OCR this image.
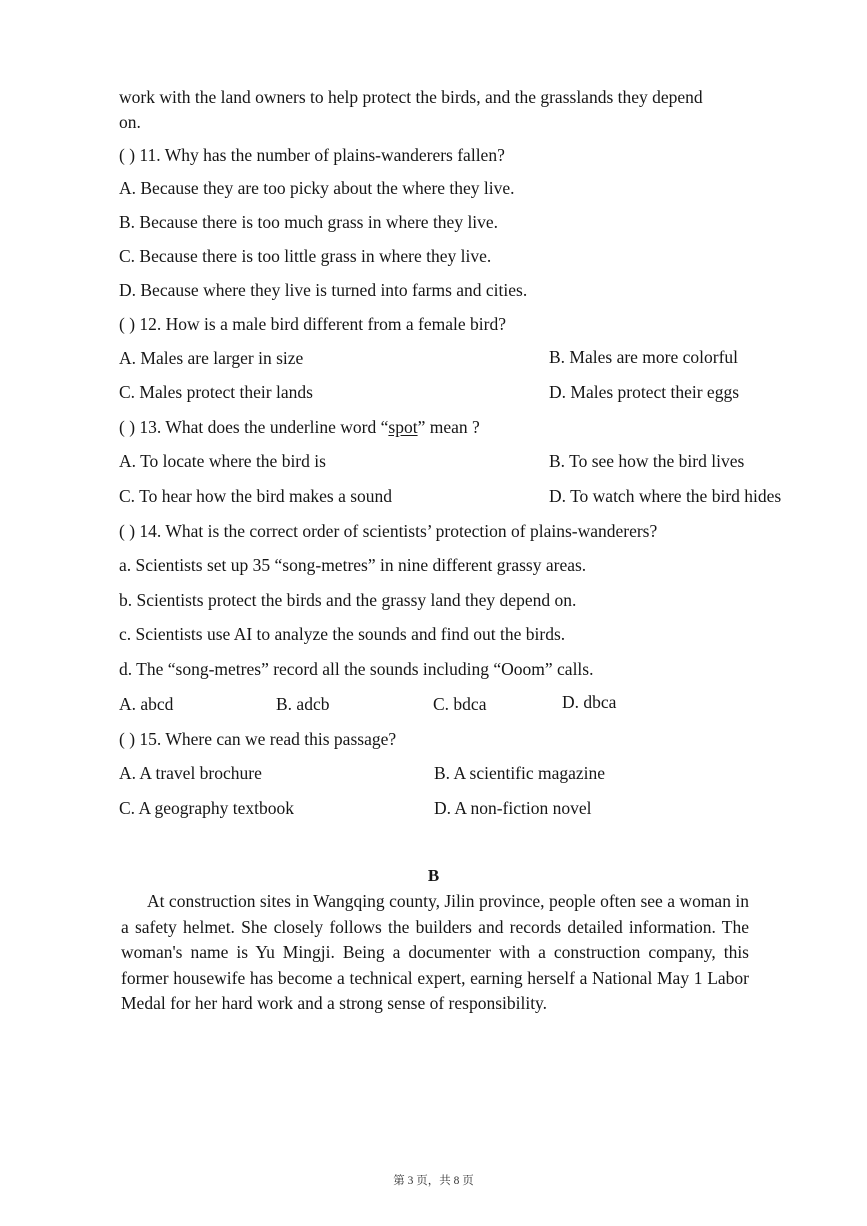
work with the land owners to help protect the birds, and the grasslands they depend
on.
( ) 11. Why has the number of plains-wanderers fallen?
A. Because they are too picky about the where they live.
B. Because there is too much grass in where they live.
C. Because there is too little grass in where they live.
D. Because where they live is turned into farms and cities.
( ) 12. How is a male bird different from a female bird?
A. Males are larger in size	B. Males are more colorful
C. Males protect their lands	D. Males protect their eggs
( ) 13. What does the underline word “spot” mean ?
A. To locate where the bird is	B. To see how the bird lives
C. To hear how the bird makes a sound	D. To watch where the bird hides
( ) 14. What is the correct order of scientists’ protection of plains-wanderers?
a. Scientists set up 35 “song-metres” in nine different grassy areas.
b. Scientists protect the birds and the grassy land they depend on.
c. Scientists use AI to analyze the sounds and find out the birds.
d. The “song-metres” record all the sounds including “Ooom” calls.
A. abcd	B. adcb	C. bdca	D. dbca
( ) 15. Where can we read this passage?
A. A travel brochure	B. A scientific magazine
C. A geography textbook	D. A non-fiction novel
B
At construction sites in Wangqing county, Jilin province, people often see a woman in a safety helmet. She closely follows the builders and records detailed information. The woman's name is Yu Mingji. Being a documenter with a construction company, this former housewife has become a technical expert, earning herself a National May 1 Labor Medal for her hard work and a strong sense of responsibility.
第 3 页，共 8 页
